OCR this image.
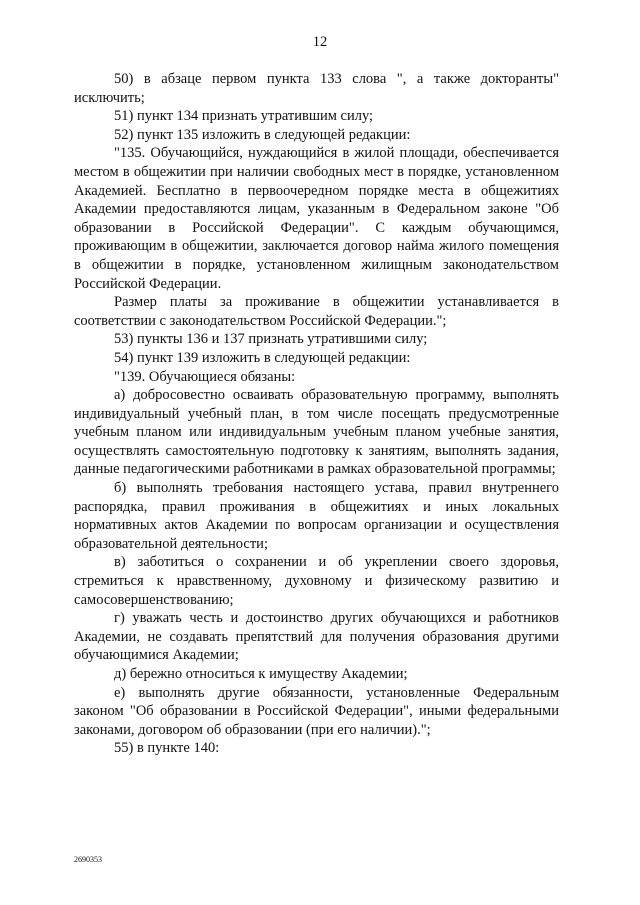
12

50) в абзаце первом пункта 133 слова ", а также докторанты" исключить;

51) пункт 134 признать утратившим силу;

52) пункт 135 изложить в следующей редакции:

"135. Обучающийся, нуждающийся в жилой площади, обеспечивается местом в общежитии при наличии свободных мест в порядке, установленном Академией. Бесплатно в первоочередном порядке места в общежитиях Академии предоставляются лицам, указанным в Федеральном законе "Об образовании в Российской Федерации". С каждым обучающимся, проживающим в общежитии, заключается договор найма жилого помещения в общежитии в порядке, установленном жилищным законодательством Российской Федерации.

Размер платы за проживание в общежитии устанавливается в соответствии с законодательством Российской Федерации.";

53) пункты 136 и 137 признать утратившими силу;

54) пункт 139 изложить в следующей редакции:

"139. Обучающиеся обязаны:

а) добросовестно осваивать образовательную программу, выполнять индивидуальный учебный план, в том числе посещать предусмотренные учебным планом или индивидуальным учебным планом учебные занятия, осуществлять самостоятельную подготовку к занятиям, выполнять задания, данные педагогическими работниками в рамках образовательной программы;

б) выполнять требования настоящего устава, правил внутреннего распорядка, правил проживания в общежитиях и иных локальных нормативных актов Академии по вопросам организации и осуществления образовательной деятельности;

в) заботиться о сохранении и об укреплении своего здоровья, стремиться к нравственному, духовному и физическому развитию и самосовершенствованию;

г) уважать честь и достоинство других обучающихся и работников Академии, не создавать препятствий для получения образования другими обучающимися Академии;

д) бережно относиться к имуществу Академии;

е) выполнять другие обязанности, установленные Федеральным законом "Об образовании в Российской Федерации", иными федеральными законами, договором об образовании (при его наличии).";

55) в пункте 140:

2690353
